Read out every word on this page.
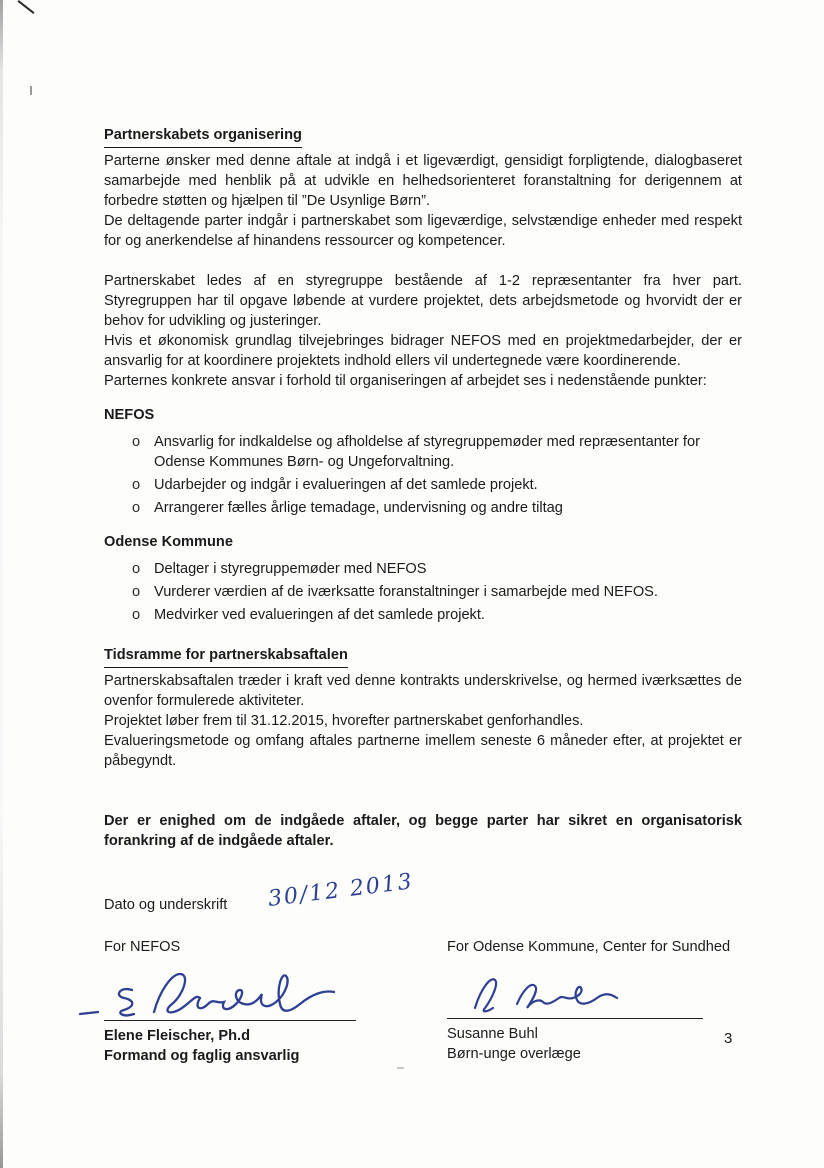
Partnerskabets organisering

Parterne ønsker med denne aftale at indgå i et ligeværdigt, gensidigt forpligtende, dialogbaseret samarbejde med henblik på at udvikle en helhedsorienteret foranstaltning for derigennem at forbedre støtten og hjælpen til ”De Usynlige Børn”.

De deltagende parter indgår i partnerskabet som ligeværdige, selvstændige enheder med respekt for og anerkendelse af hinandens ressourcer og kompetencer.

Partnerskabet ledes af en styregruppe bestående af 1-2 repræsentanter fra hver part. Styregruppen har til opgave løbende at vurdere projektet, dets arbejdsmetode og hvorvidt der er behov for udvikling og justeringer.

Hvis et økonomisk grundlag tilvejebringes bidrager NEFOS med en projektmedarbejder, der er ansvarlig for at koordinere projektets indhold ellers vil undertegnede være koordinerende.

Parternes konkrete ansvar i forhold til organiseringen af arbejdet ses i nedenstående punkter:

NEFOS
o Ansvarlig for indkaldelse og afholdelse af styregruppemøder med repræsentanter for Odense Kommunes Børn- og Ungeforvaltning.
o Udarbejder og indgår i evalueringen af det samlede projekt.
o Arrangerer fælles årlige temadage, undervisning og andre tiltag
Odense Kommune
o Deltager i styregruppemøder med NEFOS
o Vurderer værdien af de iværksatte foranstaltninger i samarbejde med NEFOS.
o Medvirker ved evalueringen af det samlede projekt.
Tidsramme for partnerskabsaftalen

Partnerskabsaftalen træder i kraft ved denne kontrakts underskrivelse, og hermed iværksættes de ovenfor formulerede aktiviteter.

Projektet løber frem til 31.12.2015, hvorefter partnerskabet genforhandles.

Evalueringsmetode og omfang aftales partnerne imellem seneste 6 måneder efter, at projektet er påbegyndt.

Der er enighed om de indgåede aftaler, og begge parter har sikret en organisatorisk forankring af de indgåede aftaler.

Dato og underskrift 30/12 2013
For NEFOS
Elene Fleischer, Ph.d
Formand og faglig ansvarlig
For Odense Kommune, Center for Sundhed
Susanne Buhl
Børn-unge overlæge
3
